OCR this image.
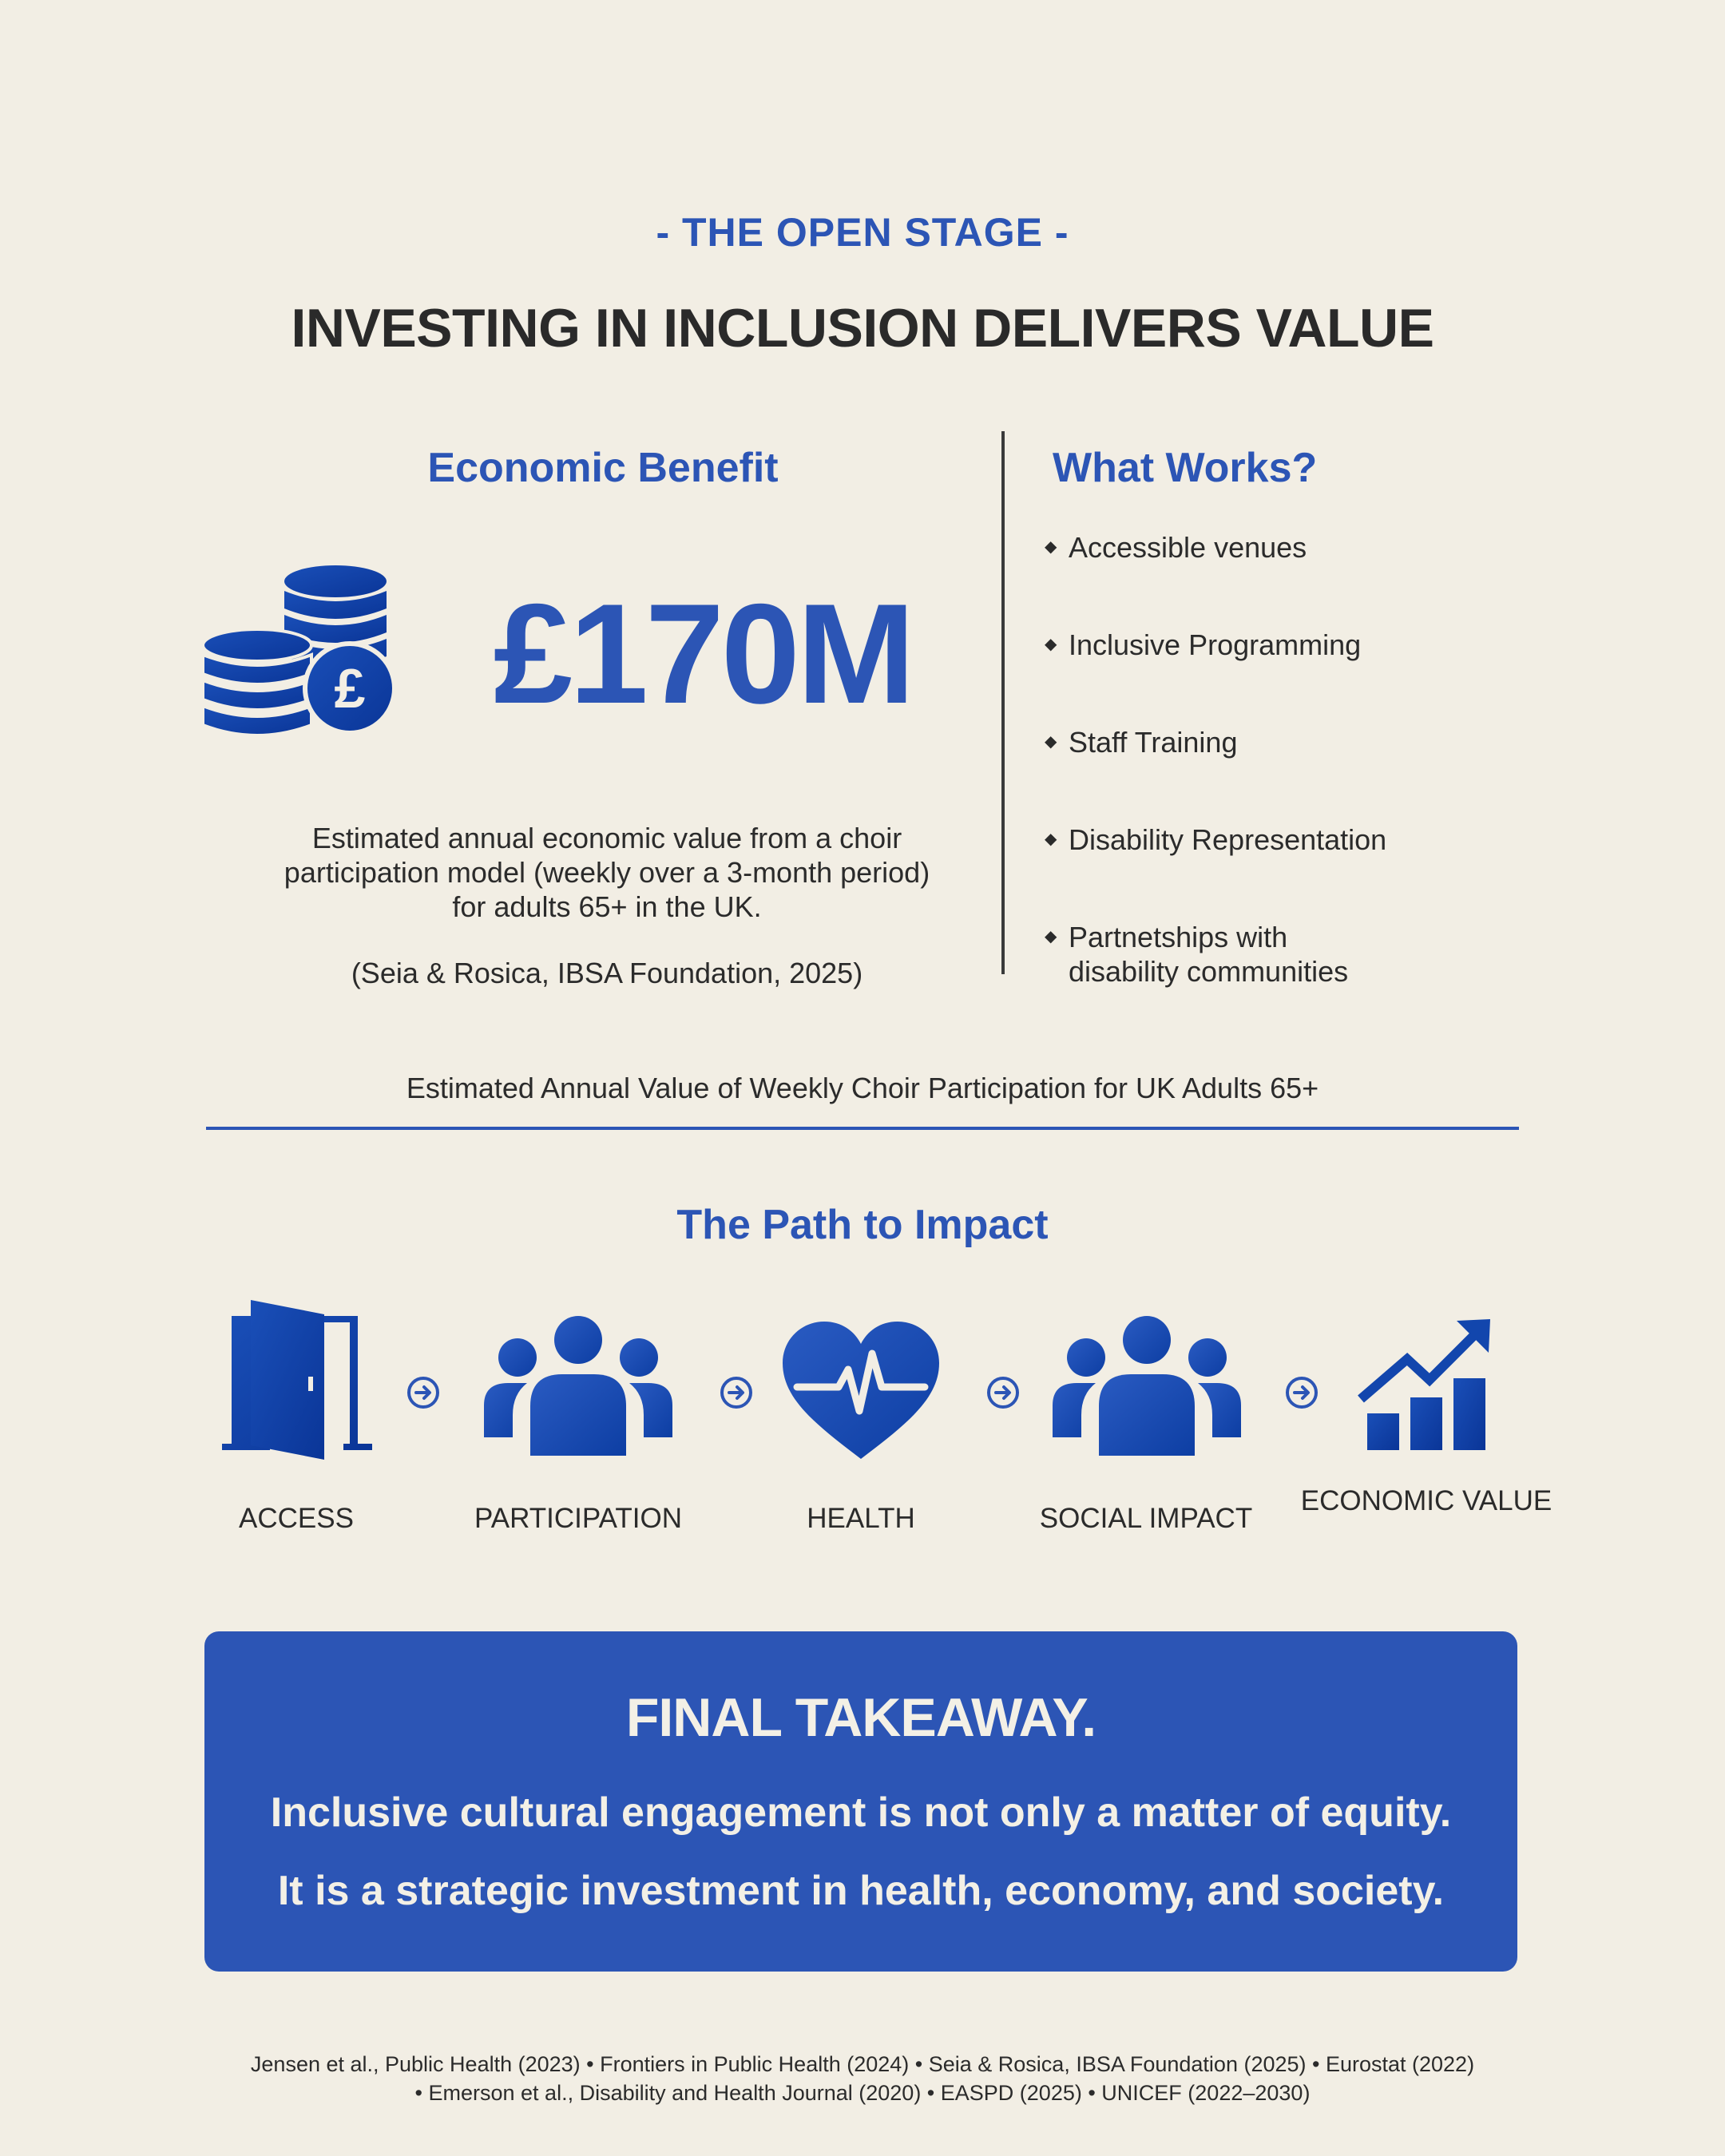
- THE OPEN STAGE -
INVESTING IN INCLUSION DELIVERS VALUE
Economic Benefit
£ £170M
Estimated annual economic value from a choir participation model (weekly over a 3-month period) for adults 65+ in the UK.
(Seia & Rosica, IBSA Foundation, 2025)
What Works?
◆ Accessible venues
◆ Inclusive Programming
◆ Staff Training
◆ Disability Representation
◆ Partnetships with disability communities
Estimated Annual Value of Weekly Choir Participation for UK Adults 65+
The Path to Impact
ACCESS	PARTICIPATION	HEALTH	SOCIAL IMPACT
ECONOMIC VALUE
FINAL TAKEAWAY.
Inclusive cultural engagement is not only a matter of equity.
It is a strategic investment in health, economy, and society.
Jensen et al., Public Health (2023) • Frontiers in Public Health (2024) • Seia & Rosica, IBSA Foundation (2025) • Eurostat (2022)
• Emerson et al., Disability and Health Journal (2020) • EASPD (2025) • UNICEF (2022–2030)
